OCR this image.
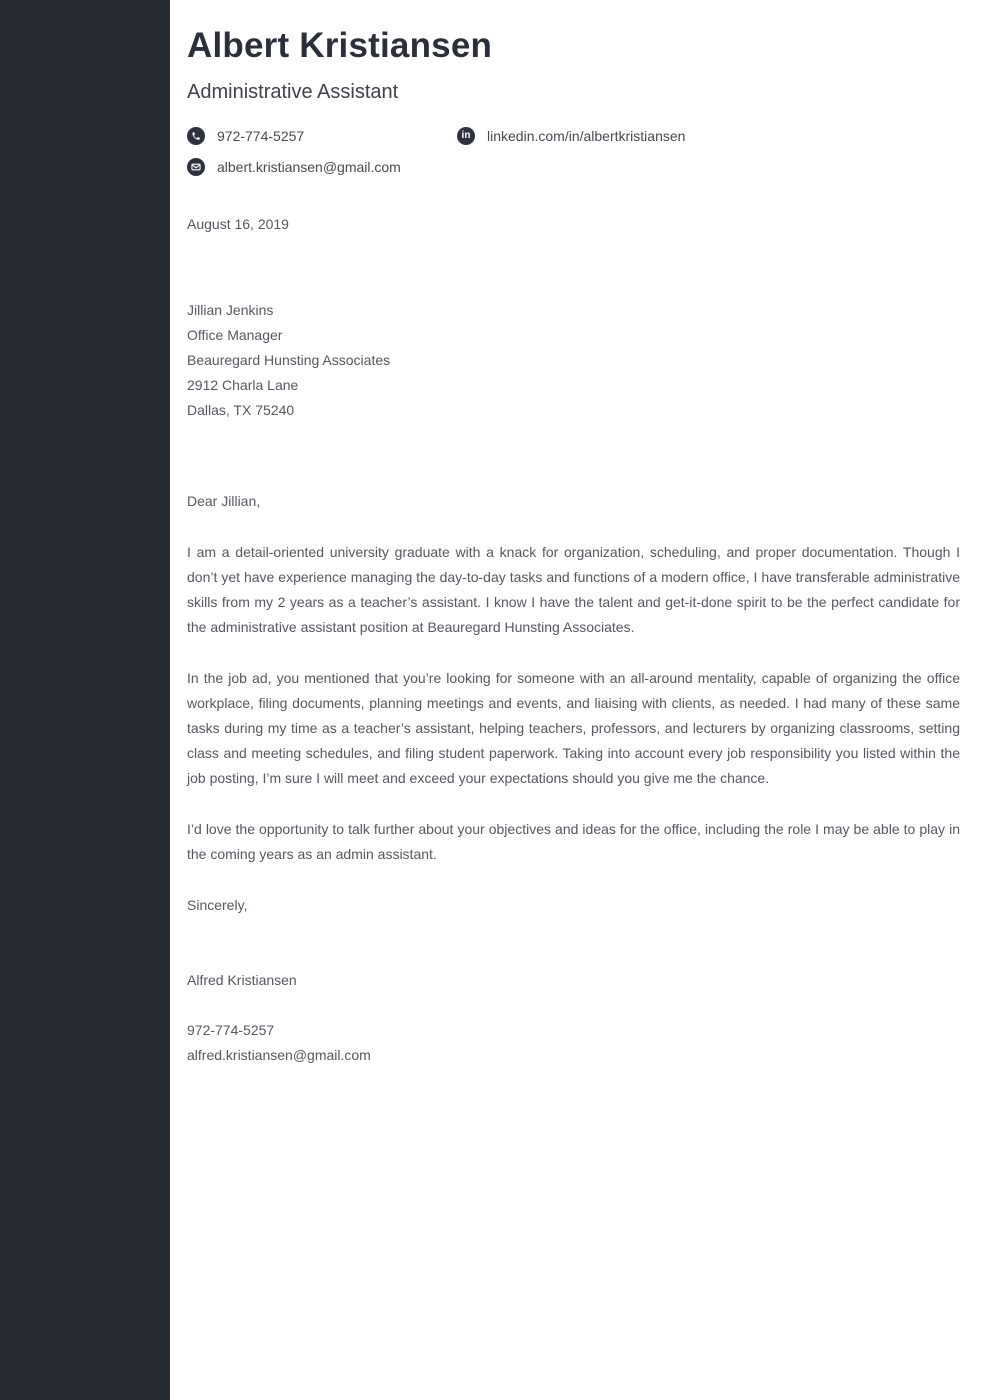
Albert Kristiansen
Administrative Assistant
972-774-5257	in	linkedin.com/in/albertkristiansen
albert.kristiansen@gmail.com

August 16, 2019

Jillian Jenkins
Office Manager
Beauregard Hunsting Associates
2912 Charla Lane
Dallas, TX 75240

Dear Jillian,

I am a detail-oriented university graduate with a knack for organization, scheduling, and proper documentation. Though I don’t yet have experience managing the day-to-day tasks and functions of a modern office, I have transferable administrative skills from my 2 years as a teacher’s assistant. I know I have the talent and get-it-done spirit to be the perfect candidate for the administrative assistant position at Beauregard Hunsting Associates.

In the job ad, you mentioned that you’re looking for someone with an all-around mentality, capable of organizing the office workplace, filing documents, planning meetings and events, and liaising with clients, as needed. I had many of these same tasks during my time as a teacher’s assistant, helping teachers, professors, and lecturers by organizing classrooms, setting class and meeting schedules, and filing student paperwork. Taking into account every job responsibility you listed within the job posting, I’m sure I will meet and exceed your expectations should you give me the chance.

I’d love the opportunity to talk further about your objectives and ideas for the office, including the role I may be able to play in the coming years as an admin assistant.

Sincerely,

Alfred Kristiansen

972-774-5257
alfred.kristiansen@gmail.com
